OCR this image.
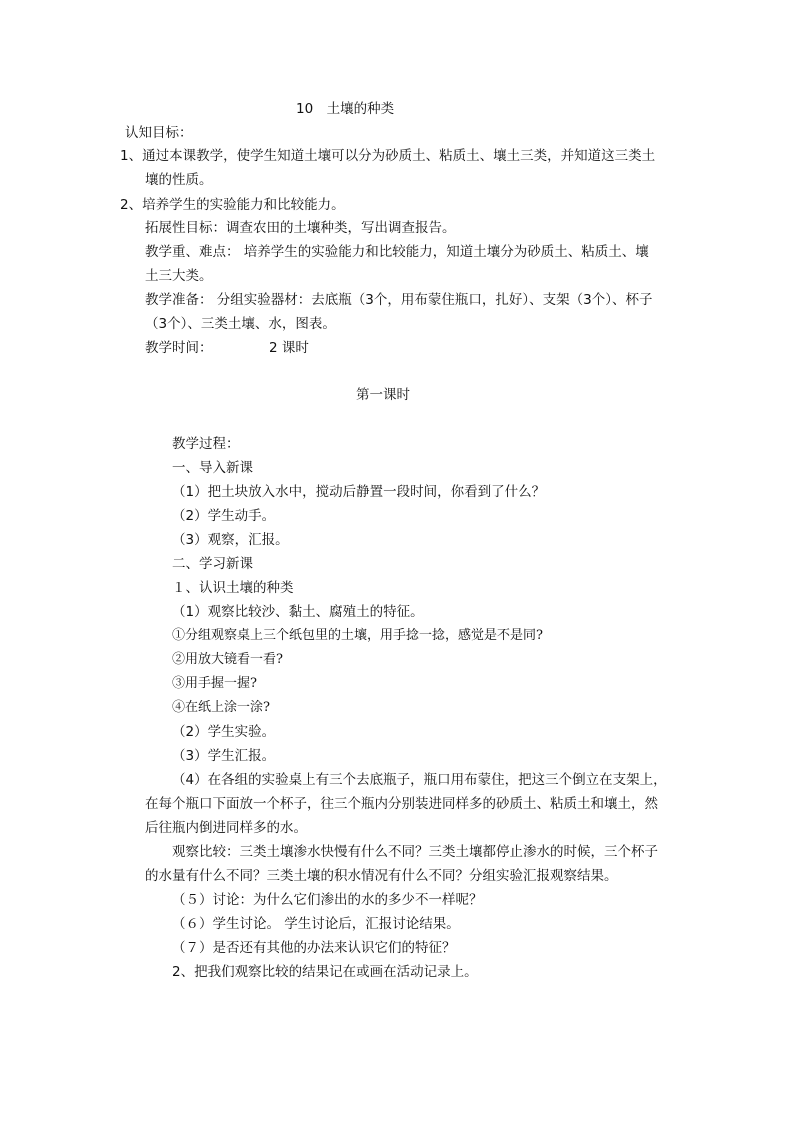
10　土壤的种类
认知目标：
1、通过本课教学，使学生知道土壤可以分为砂质土、粘质土、壤土三类，并知道这三类土
壤的性质。
2、培养学生的实验能力和比较能力。
拓展性目标：调查农田的土壤种类，写出调查报告。
教学重、难点： 培养学生的实验能力和比较能力，知道土壤分为砂质土、粘质土、壤
土三大类。
教学准备： 分组实验器材：去底瓶（3个，用布蒙住瓶口，扎好）、支架（3个）、杯子
（3个）、三类土壤、水，图表。
教学时间：	2 课时
第一课时
教学过程：
一、导入新课
（1）把土块放入水中，搅动后静置一段时间，你看到了什么？
（2）学生动手。
（3）观察，汇报。
二、学习新课
１、认识土壤的种类
（1）观察比较沙、黏土、腐殖土的特征。
①分组观察桌上三个纸包里的土壤，用手捻一捻，感觉是不是同?
②用放大镜看一看?
③用手握一握?
④在纸上涂一涂?
（2）学生实验。
（3）学生汇报。
（4）在各组的实验桌上有三个去底瓶子，瓶口用布蒙住，把这三个倒立在支架上，
在每个瓶口下面放一个杯子，往三个瓶内分别装进同样多的砂质土、粘质土和壤土，然
后往瓶内倒进同样多的水。
观察比较：三类土壤渗水快慢有什么不同？三类土壤都停止渗水的时候，三个杯子
的水量有什么不同？三类土壤的积水情况有什么不同？分组实验汇报观察结果。
（５）讨论：为什么它们渗出的水的多少不一样呢？
（６）学生讨论。 学生讨论后，汇报讨论结果。
（７）是否还有其他的办法来认识它们的特征？
2、把我们观察比较的结果记在或画在活动记录上。
